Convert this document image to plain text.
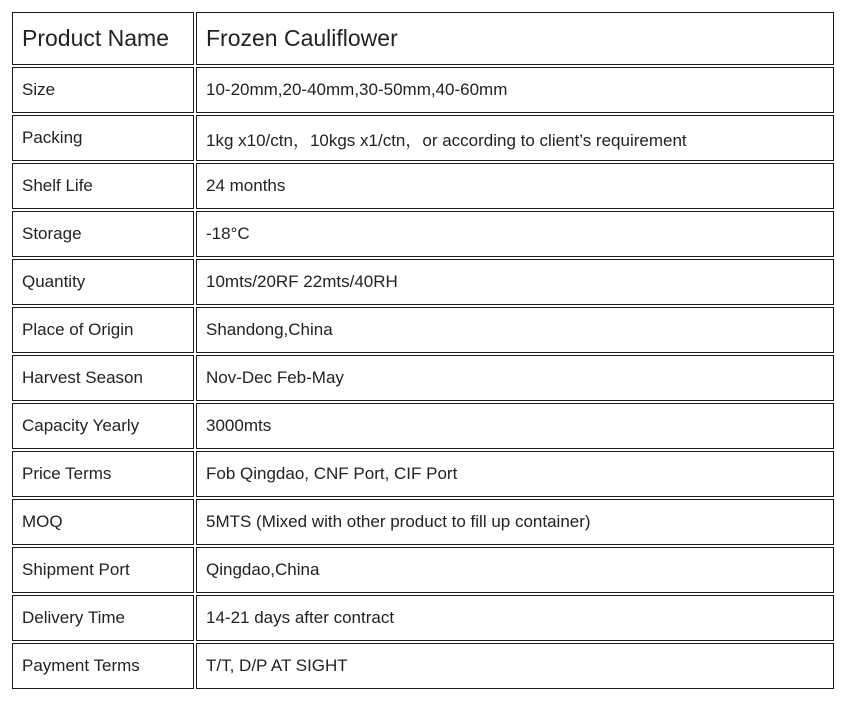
Product Name	Frozen Cauliflower
Size	10-20mm,20-40mm,30-50mm,40-60mm
Packing	1kg x10/ctn，10kgs x1/ctn，or according to client’s requirement
Shelf Life	24 months
Storage	-18°C
Quantity	10mts/20RF 22mts/40RH
Place of Origin	Shandong,China
Harvest Season	Nov-Dec Feb-May
Capacity Yearly	3000mts
Price Terms	Fob Qingdao, CNF Port, CIF Port
MOQ	5MTS (Mixed with other product to fill up container)
Shipment Port	Qingdao,China
Delivery Time	14-21 days after contract
Payment Terms	T/T, D/P AT SIGHT
